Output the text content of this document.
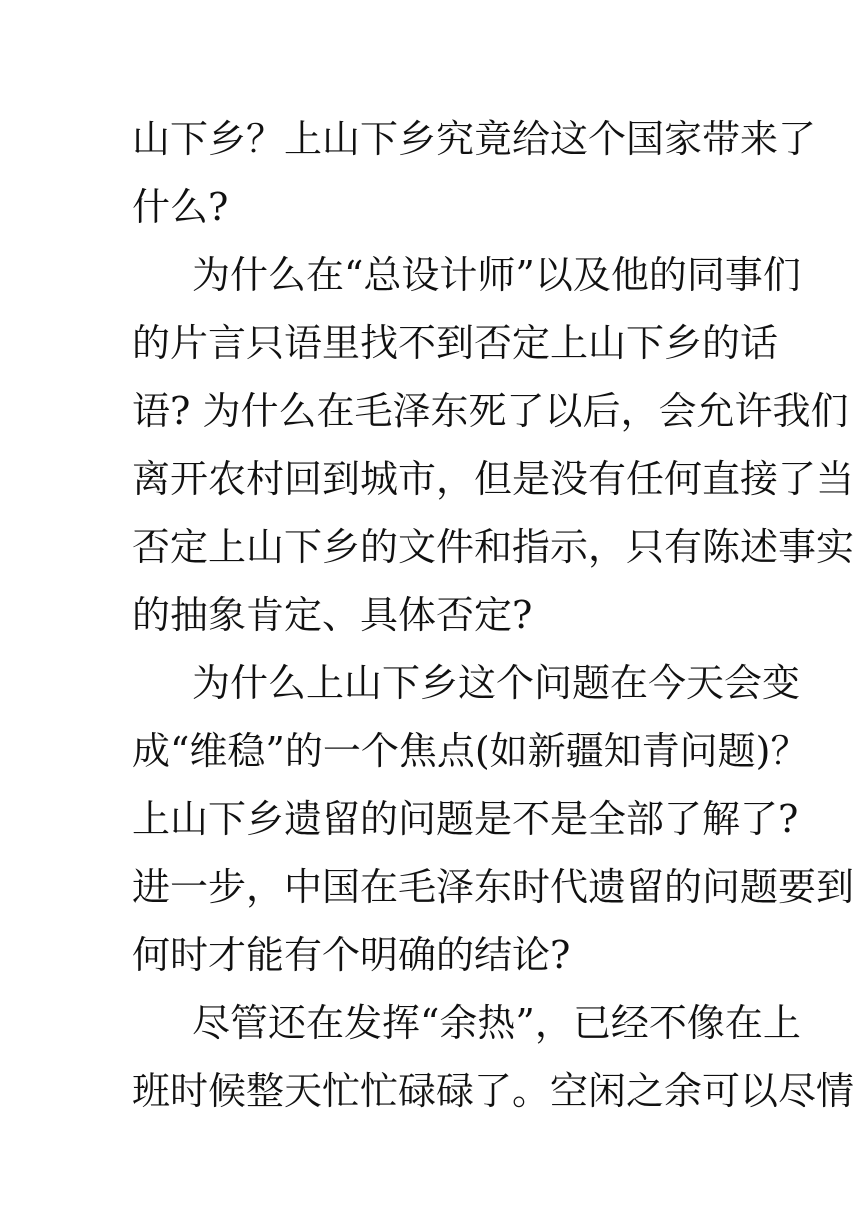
山下乡？上山下乡究竟给这个国家带来了
什么?
为什么在“总设计师”以及他的同事们
的片言只语里找不到否定上山下乡的话
语? 为什么在毛泽东死了以后，会允许我们
离开农村回到城市，但是没有任何直接了当
否定上山下乡的文件和指示，只有陈述事实
的抽象肯定、具体否定?
为什么上山下乡这个问题在今天会变
成“维稳”的一个焦点(如新疆知青问题)？
上山下乡遗留的问题是不是全部了解了?
进一步，中国在毛泽东时代遗留的问题要到
何时才能有个明确的结论?
尽管还在发挥“余热”，已经不像在上
班时候整天忙忙碌碌了。空闲之余可以尽情
